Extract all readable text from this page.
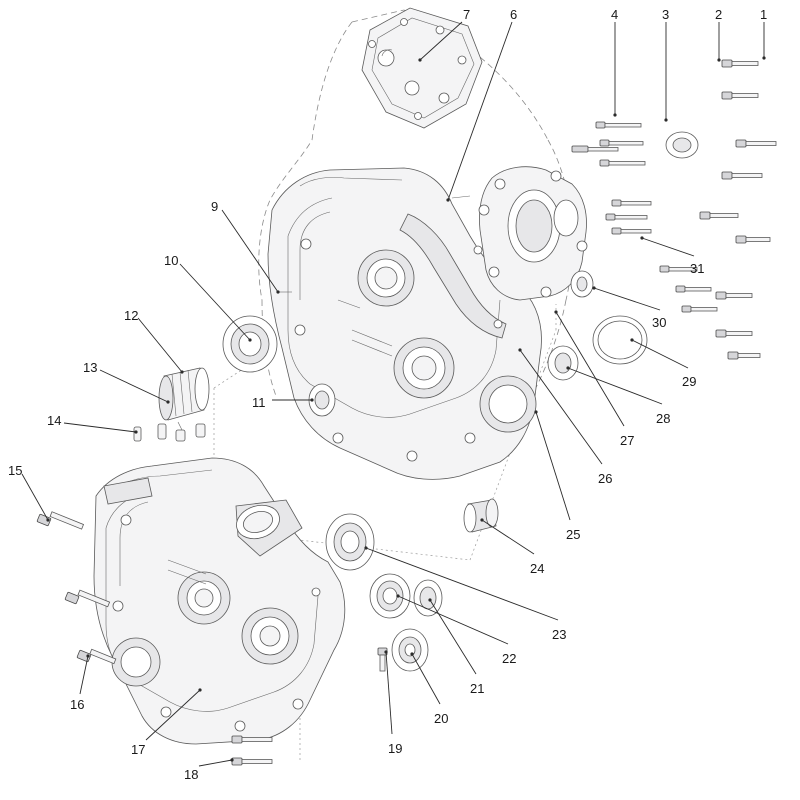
1
2
3
4
6
7
9
10
11
12
13
14
15
16
17
18
19
20
21
22
23
24
25
26
27
28
29
30
31
